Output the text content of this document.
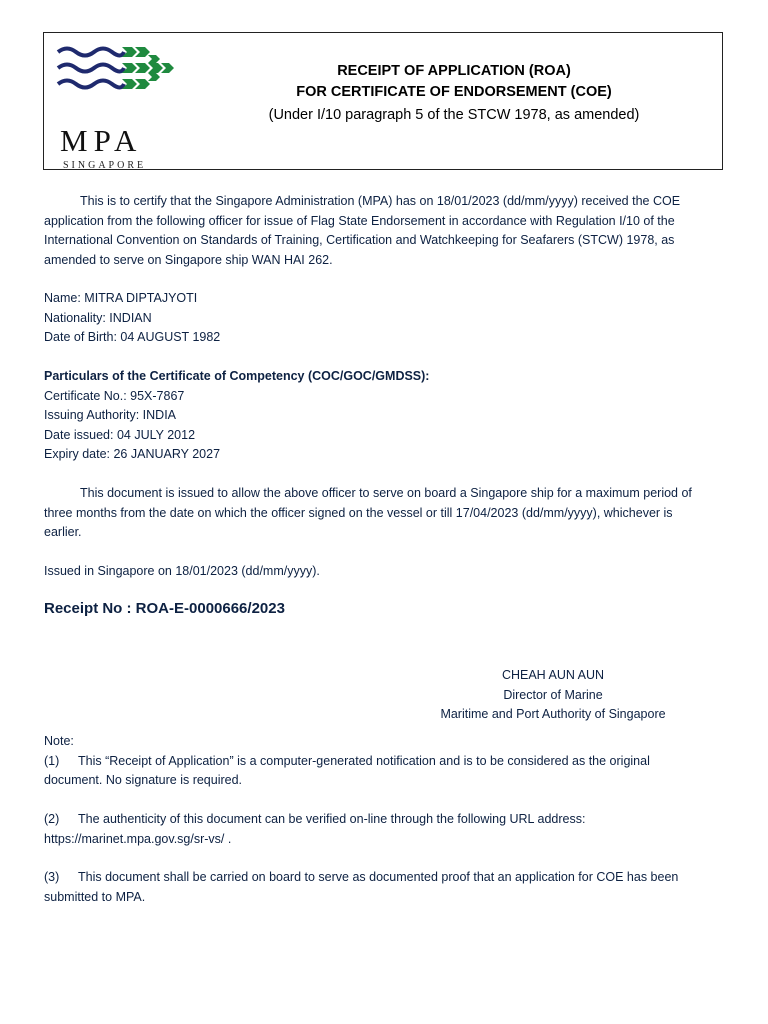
MPA
SINGAPORE
RECEIPT OF APPLICATION (ROA)
FOR CERTIFICATE OF ENDORSEMENT (COE)
(Under I/10 paragraph 5 of the STCW 1978, as amended)
This is to certify that the Singapore Administration (MPA) has on 18/01/2023 (dd/mm/yyyy) received the COE
application from the following officer for issue of Flag State Endorsement in accordance with Regulation I/10 of the
International Convention on Standards of Training, Certification and Watchkeeping for Seafarers (STCW) 1978, as
amended to serve on Singapore ship WAN HAI 262.
Name: MITRA DIPTAJYOTI
Nationality: INDIAN
Date of Birth: 04 AUGUST 1982
Particulars of the Certificate of Competency (COC/GOC/GMDSS):
Certificate No.: 95X-7867
Issuing Authority: INDIA
Date issued: 04 JULY 2012
Expiry date: 26 JANUARY 2027
This document is issued to allow the above officer to serve on board a Singapore ship for a maximum period of
three months from the date on which the officer signed on the vessel or till 17/04/2023 (dd/mm/yyyy), whichever is
earlier.
Issued in Singapore on 18/01/2023 (dd/mm/yyyy).
Receipt No : ROA-E-0000666/2023
CHEAH AUN AUN
Director of Marine
Maritime and Port Authority of Singapore
Note:
(1) This “Receipt of Application” is a computer-generated notification and is to be considered as the original
document. No signature is required.
(2) The authenticity of this document can be verified on-line through the following URL address:
https://marinet.mpa.gov.sg/sr-vs/ .
(3) This document shall be carried on board to serve as documented proof that an application for COE has been
submitted to MPA.
